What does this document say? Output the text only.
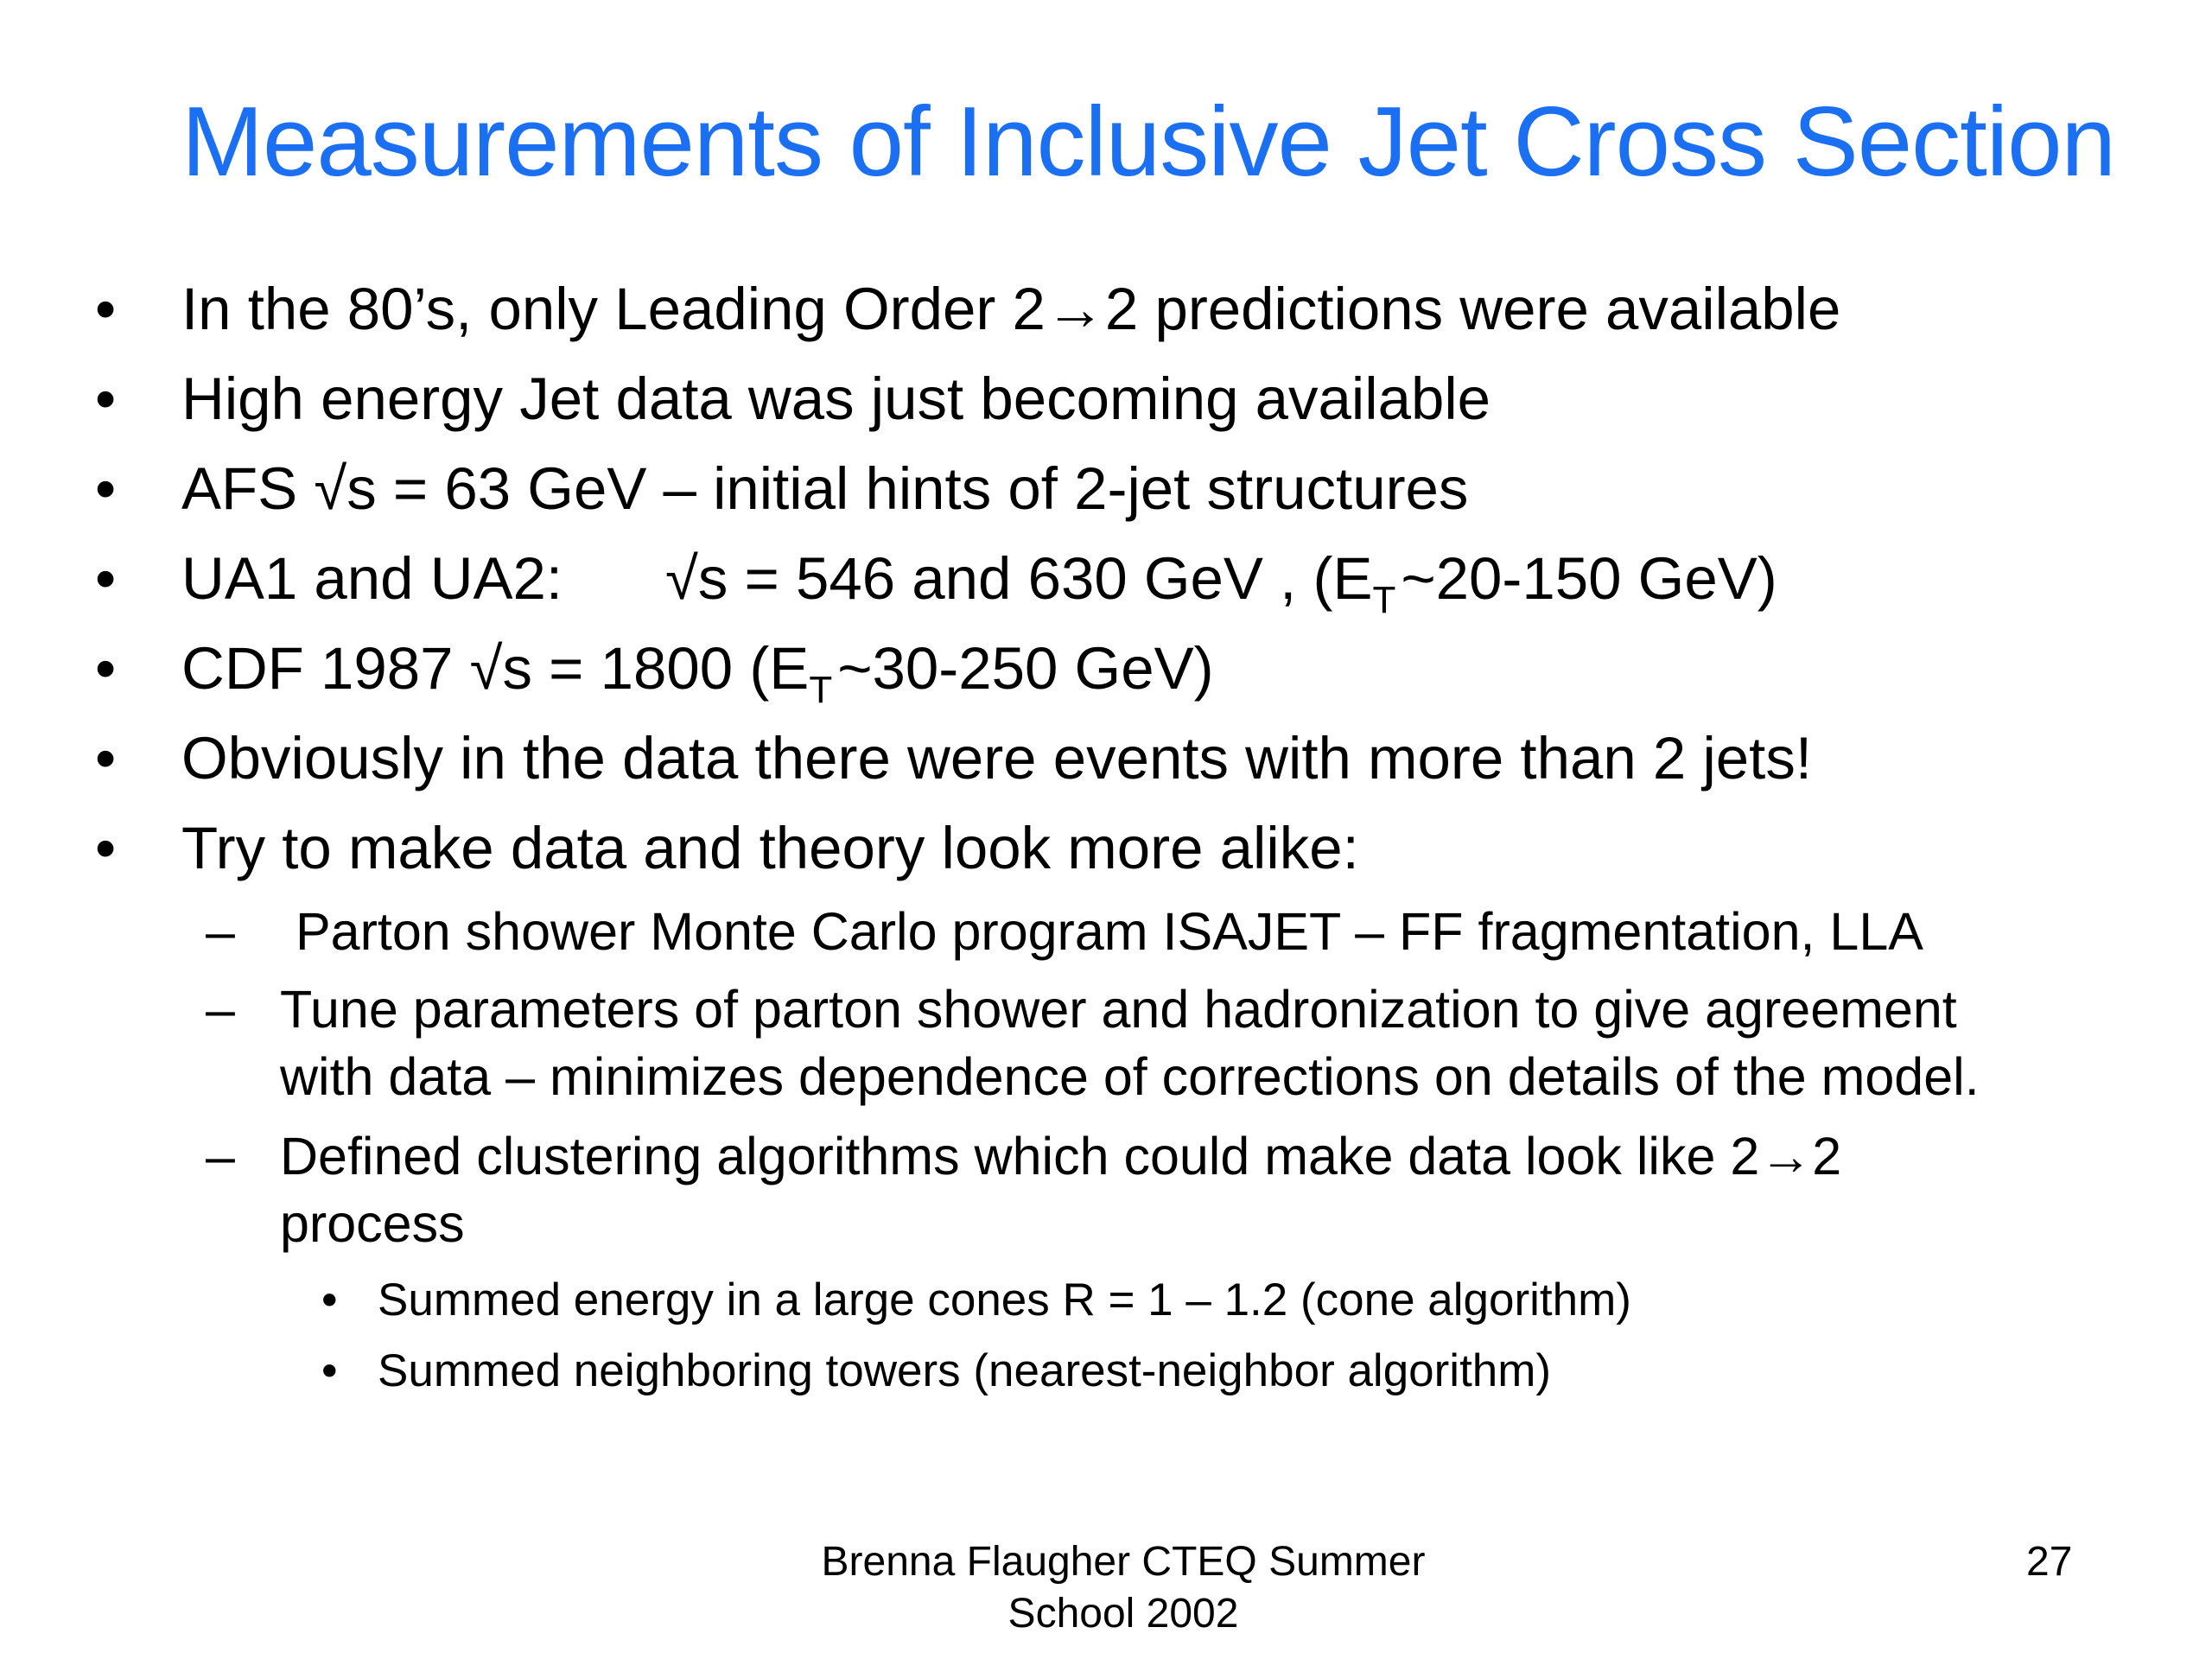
Measurements of Inclusive Jet Cross Section
• In the 80’s, only Leading Order 2→2 predictions were available
• High energy Jet data was just becoming available
• AFS √s = 63 GeV – initial hints of 2-jet structures
• UA1 and UA2: √s = 546 and 630 GeV , ($E_T\sim 20-150$ GeV)
• CDF 1987 √s = 1800 ($E_T\sim 30-250$ GeV)
• Obviously in the data there were events with more than 2 jets!
• Try to make data and theory look more alike:
– Parton shower Monte Carlo program ISAJET – FF fragmentation, LLA
– Tune parameters of parton shower and hadronization to give agreement
with data – minimizes dependence of corrections on details of the model.
– Defined clustering algorithms which could make data look like 2→2
process
• Summed energy in a large cones R = 1 – 1.2 (cone algorithm)
• Summed neighboring towers (nearest-neighbor algorithm)
Brenna Flaugher CTEQ Summer
School 2002
27
